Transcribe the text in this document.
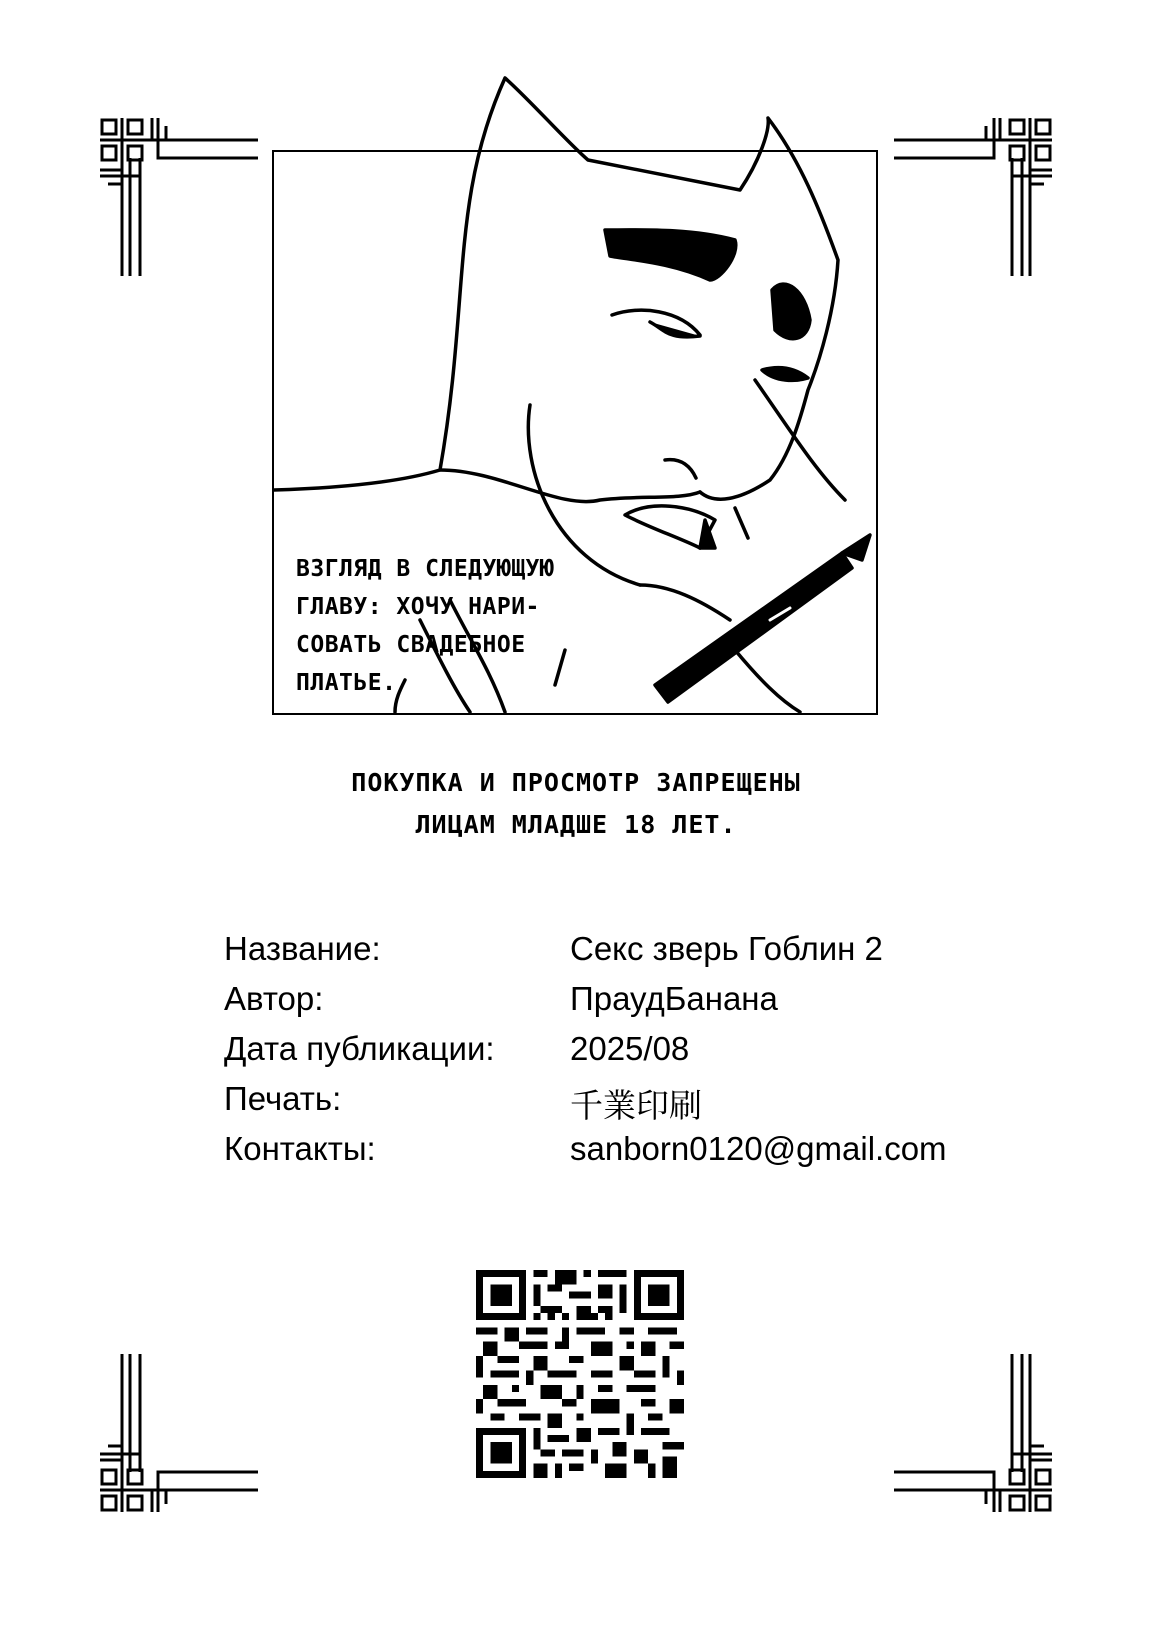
ВЗГЛЯД В СЛЕДУЮЩУЮ
ГЛАВУ: ХОЧУ НАРИ-
СОВАТЬ СВАДЕБНОЕ
ПЛАТЬЕ.
ПОКУПКА И ПРОСМОТР ЗАПРЕЩЕНЫ
ЛИЦАМ МЛАДШЕ 18 ЛЕТ.
Название:	Секс зверь Гоблин 2
Автор:	ПраудБанана
Дата публикации: 2025/08
Печать:	千業印刷
Контакты:	sanborn0120@gmail.com
